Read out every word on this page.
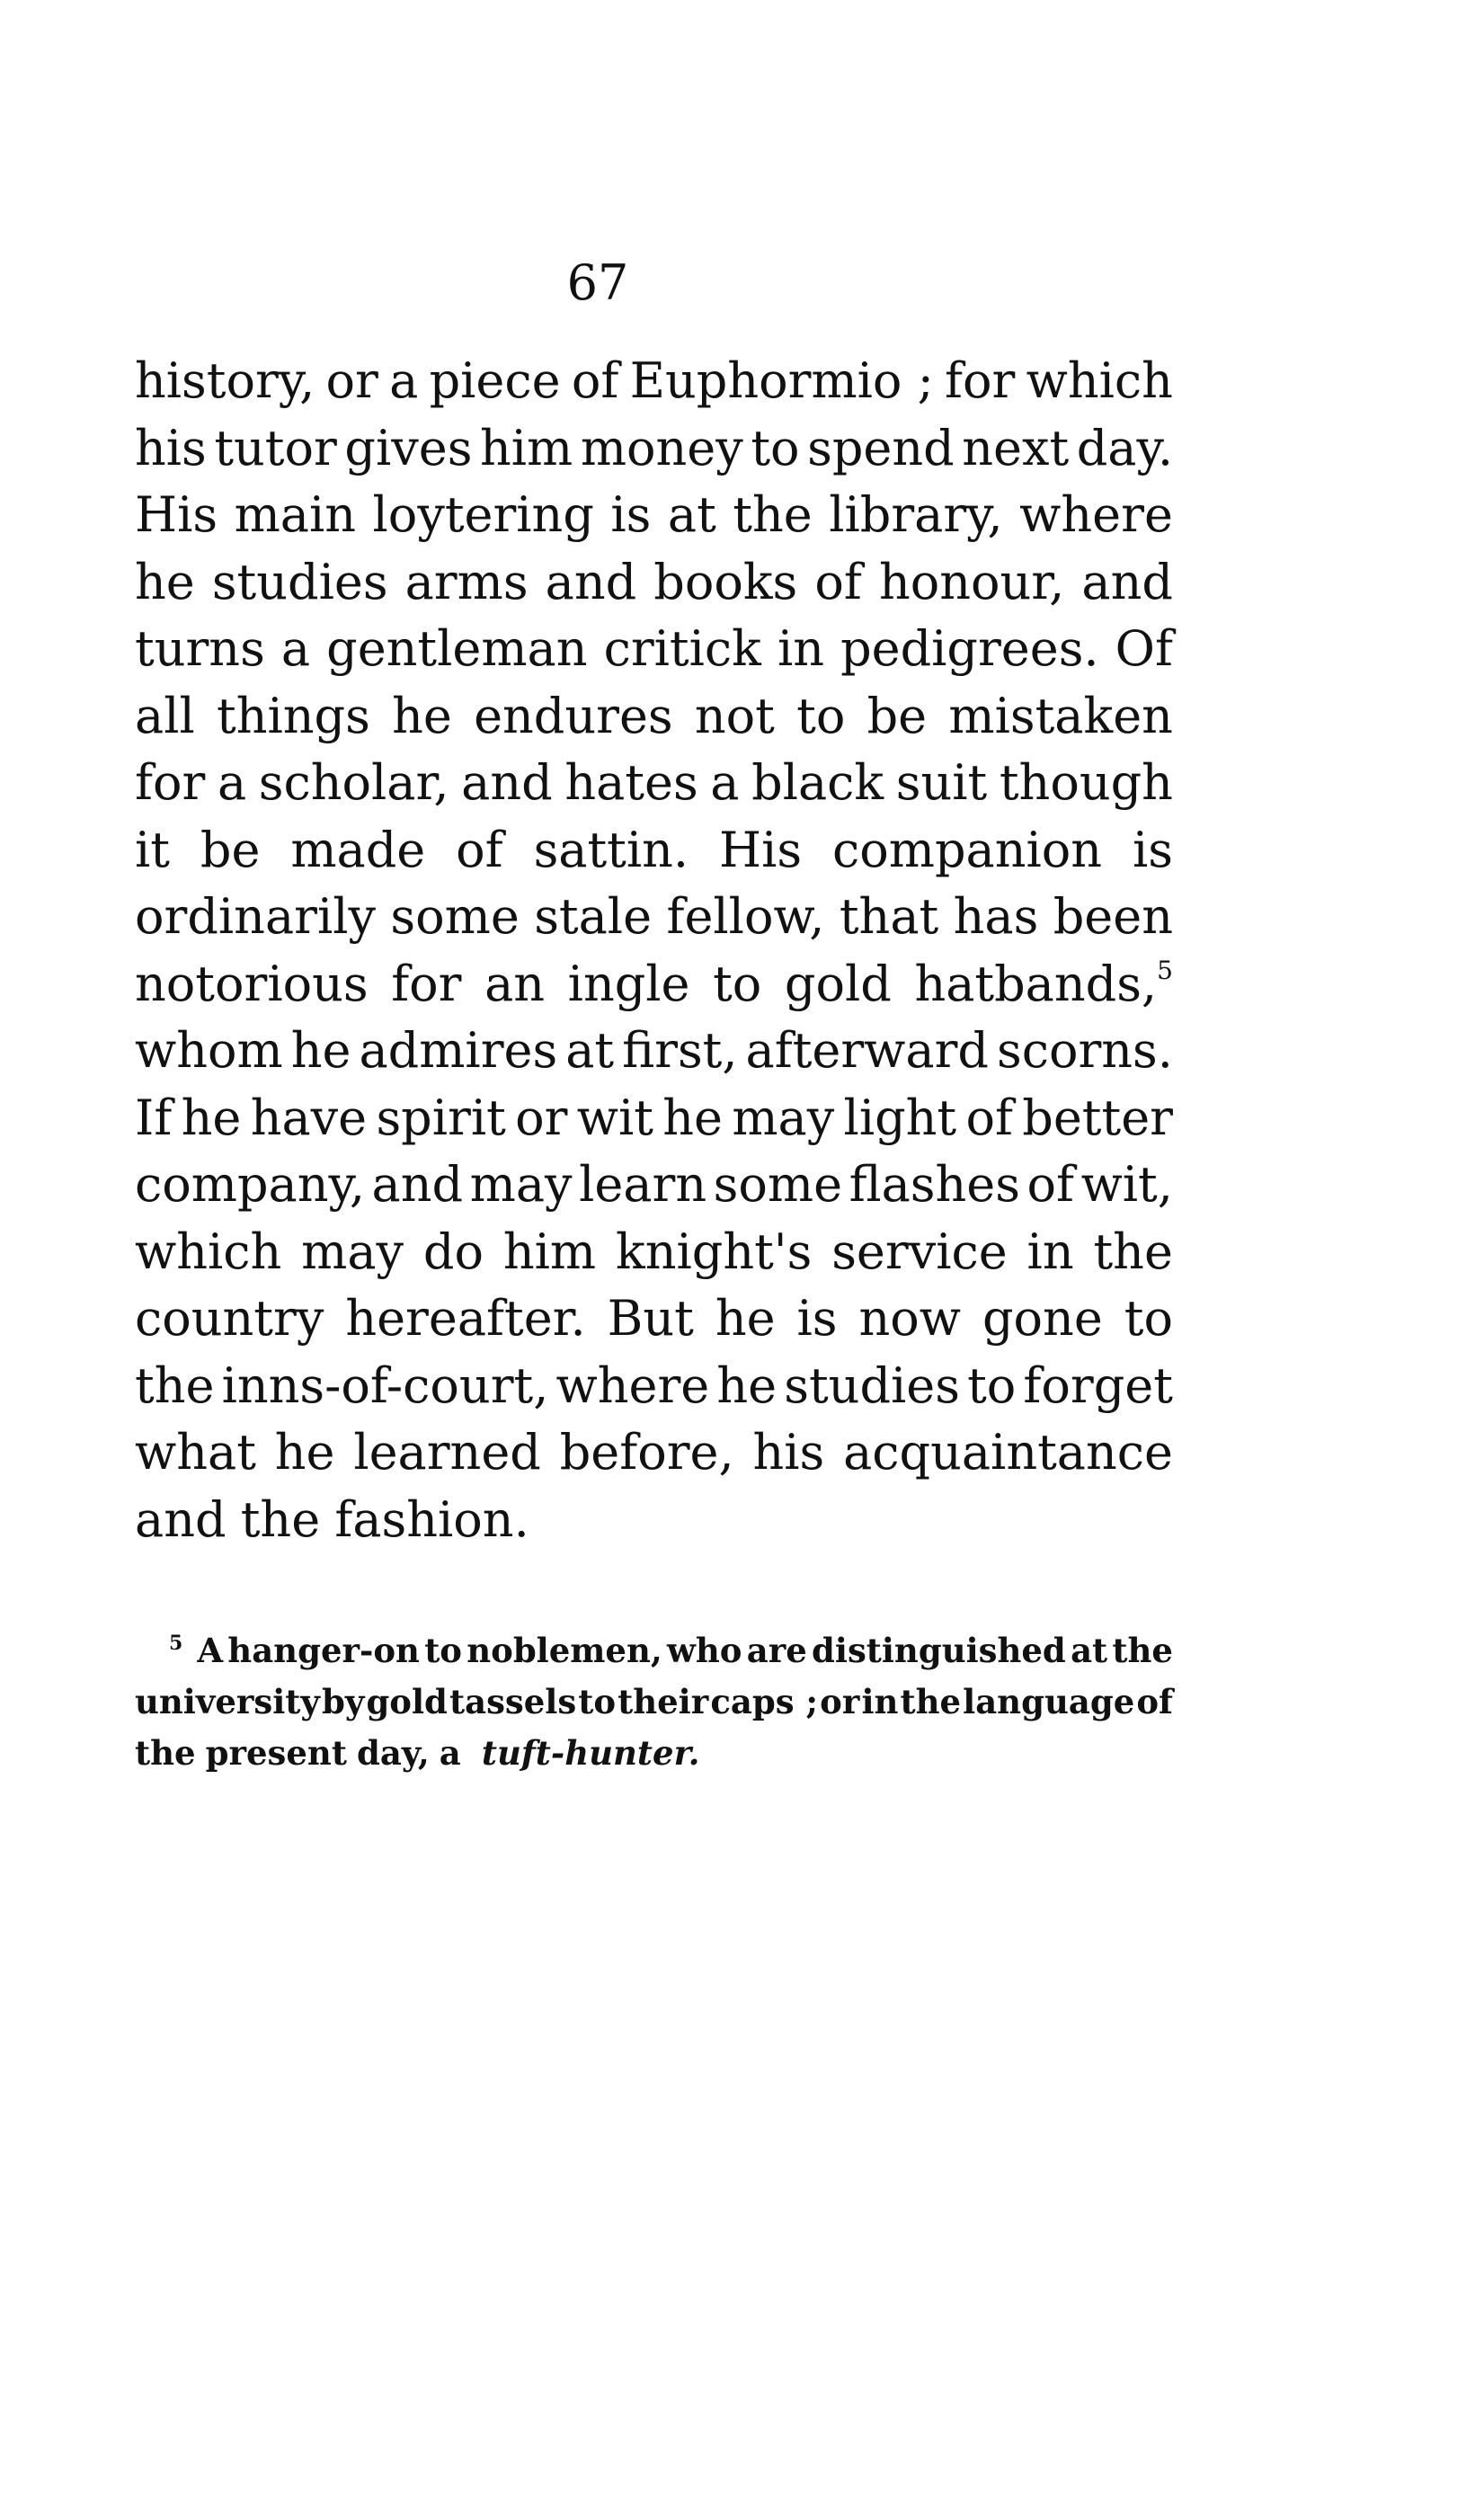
67
history, or a piece of Euphormio ; for which
his tutor gives him money to spend next day.
His main loytering is at the library, where
he studies arms and books of honour, and
turns a gentleman critick in pedigrees. Of
all things he endures not to be mistaken
for a scholar, and hates a black suit though
it be made of sattin. His companion is
ordinarily some stale fellow, that has been
notorious for an ingle to gold hatbands,$^5$
whom he admires at first, afterward scorns.
If he have spirit or wit he may light of better
company, and may learn some flashes of wit,
which may do him knight's service in the
country hereafter. But he is now gone to
the inns-of-court, where he studies to forget
what he learned before, his acquaintance
and the fashion.
$^5$ A hanger-on to noblemen, who are distinguished at the
university by gold tassels to their caps ; or in the language of
the present day, a tuft-hunter.
